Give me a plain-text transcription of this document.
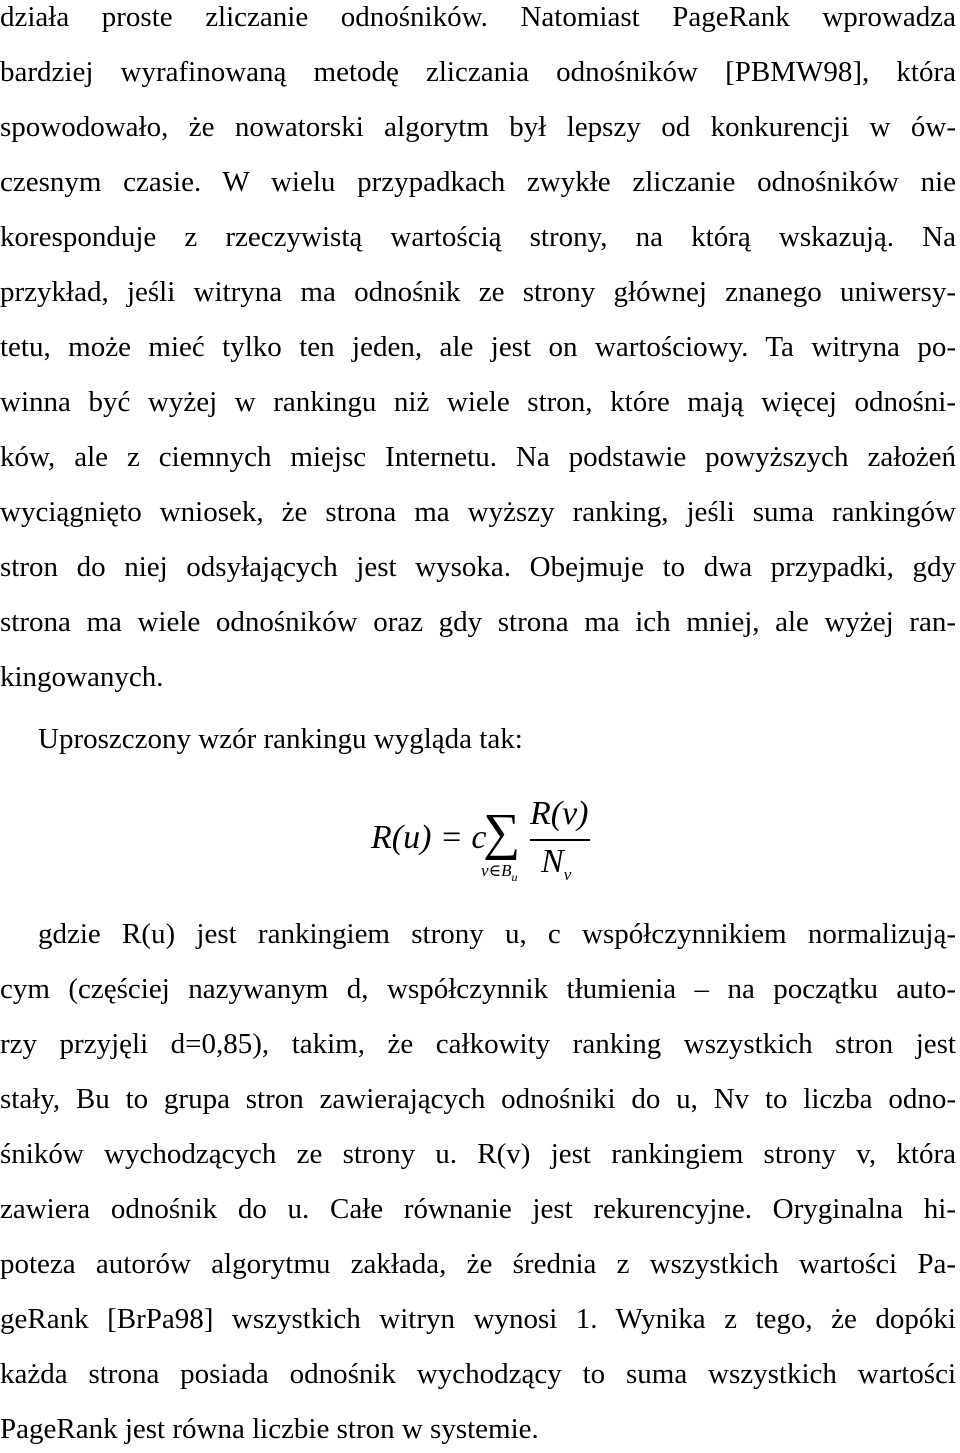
działa proste zliczanie odnośników. Natomiast PageRank wprowadza
bardziej wyrafinowaną metodę zliczania odnośników [PBMW98], która
spowodowało, że nowatorski algorytm był lepszy od konkurencji w ów-
czesnym czasie. W wielu przypadkach zwykłe zliczanie odnośników nie
koresponduje z rzeczywistą wartością strony, na którą wskazują. Na
przykład, jeśli witryna ma odnośnik ze strony głównej znanego uniwersy-
tetu, może mieć tylko ten jeden, ale jest on wartościowy. Ta witryna po-
winna być wyżej w rankingu niż wiele stron, które mają więcej odnośni-
ków, ale z ciemnych miejsc Internetu. Na podstawie powyższych założeń
wyciągnięto wniosek, że strona ma wyższy ranking, jeśli suma rankingów
stron do niej odsyłających jest wysoka. Obejmuje to dwa przypadki, gdy
strona ma wiele odnośników oraz gdy strona ma ich mniej, ale wyżej ran-
kingowanych.
Uproszczony wzór rankingu wygląda tak:
R(u) = c
∑
$v\in B_u$
R(v)
$N_v$
gdzie R(u) jest rankingiem strony u, c współczynnikiem normalizują-
cym (częściej nazywanym d, współczynnik tłumienia – na początku auto-
rzy przyjęli d=0,85), takim, że całkowity ranking wszystkich stron jest
stały, Bu to grupa stron zawierających odnośniki do u, Nv to liczba odno-
śników wychodzących ze strony u. R(v) jest rankingiem strony v, która
zawiera odnośnik do u. Całe równanie jest rekurencyjne. Oryginalna hi-
poteza autorów algorytmu zakłada, że średnia z wszystkich wartości Pa-
geRank [BrPa98] wszystkich witryn wynosi 1. Wynika z tego, że dopóki
każda strona posiada odnośnik wychodzący to suma wszystkich wartości
PageRank jest równa liczbie stron w systemie.
